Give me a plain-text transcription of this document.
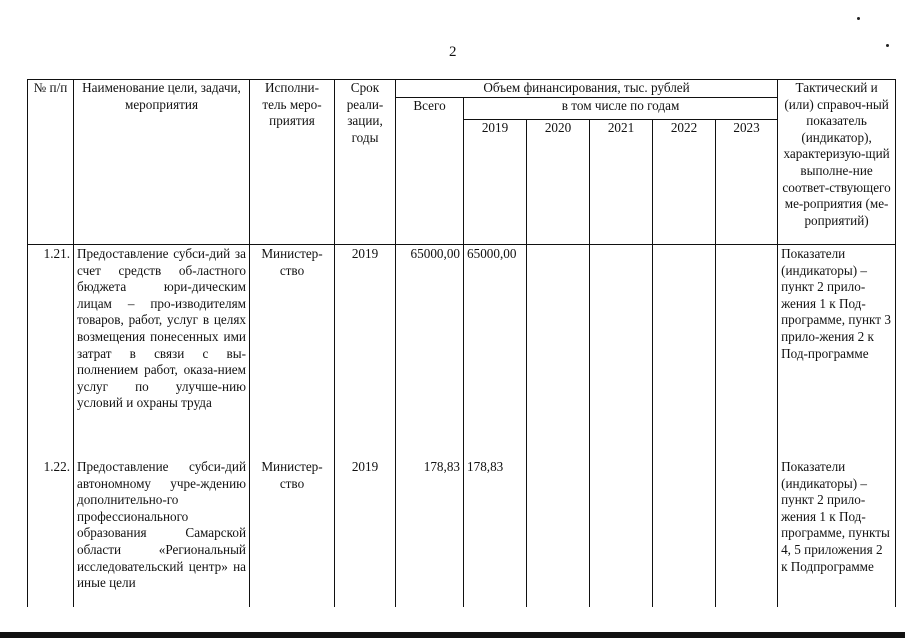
2
№ п/п	Наименование цели, задачи, мероприятия	Исполни-тель меро-приятия	Срок реали-зации, годы	Объем финансирования, тыс. рублей						Тактический и (или) справоч-ный показатель (индикатор), характеризую-щий выполне-ние соответ-ствующего ме-роприятия (ме-роприятий)
				Всего	в том числе по годам					
					2019	2020	2021	2022	2023	
1.21.	Предоставление субси-дий за счет средств об-ластного бюджета юри-дическим лицам – про-изводителям товаров, работ, услуг в целях возмещения понесенных ими затрат в связи с вы-полнением работ, оказа-нием услуг по улучше-нию условий и охраны труда	Министер-ство	2019	65000,00	65000,00					Показатели (индикаторы) – пункт 2 прило-жения 1 к Под-программе, пункт 3 прило-жения 2 к Под-программе
1.22.	Предоставление субси-дий автономному учре-ждению дополнительно-го профессионального образования Самарской области «Региональный исследовательский центр» на иные цели	Министер-ство	2019	178,83	178,83					Показатели (индикаторы) – пункт 2 прило-жения 1 к Под-программе, пункты 4, 5 приложения 2 к Подпрограмме
